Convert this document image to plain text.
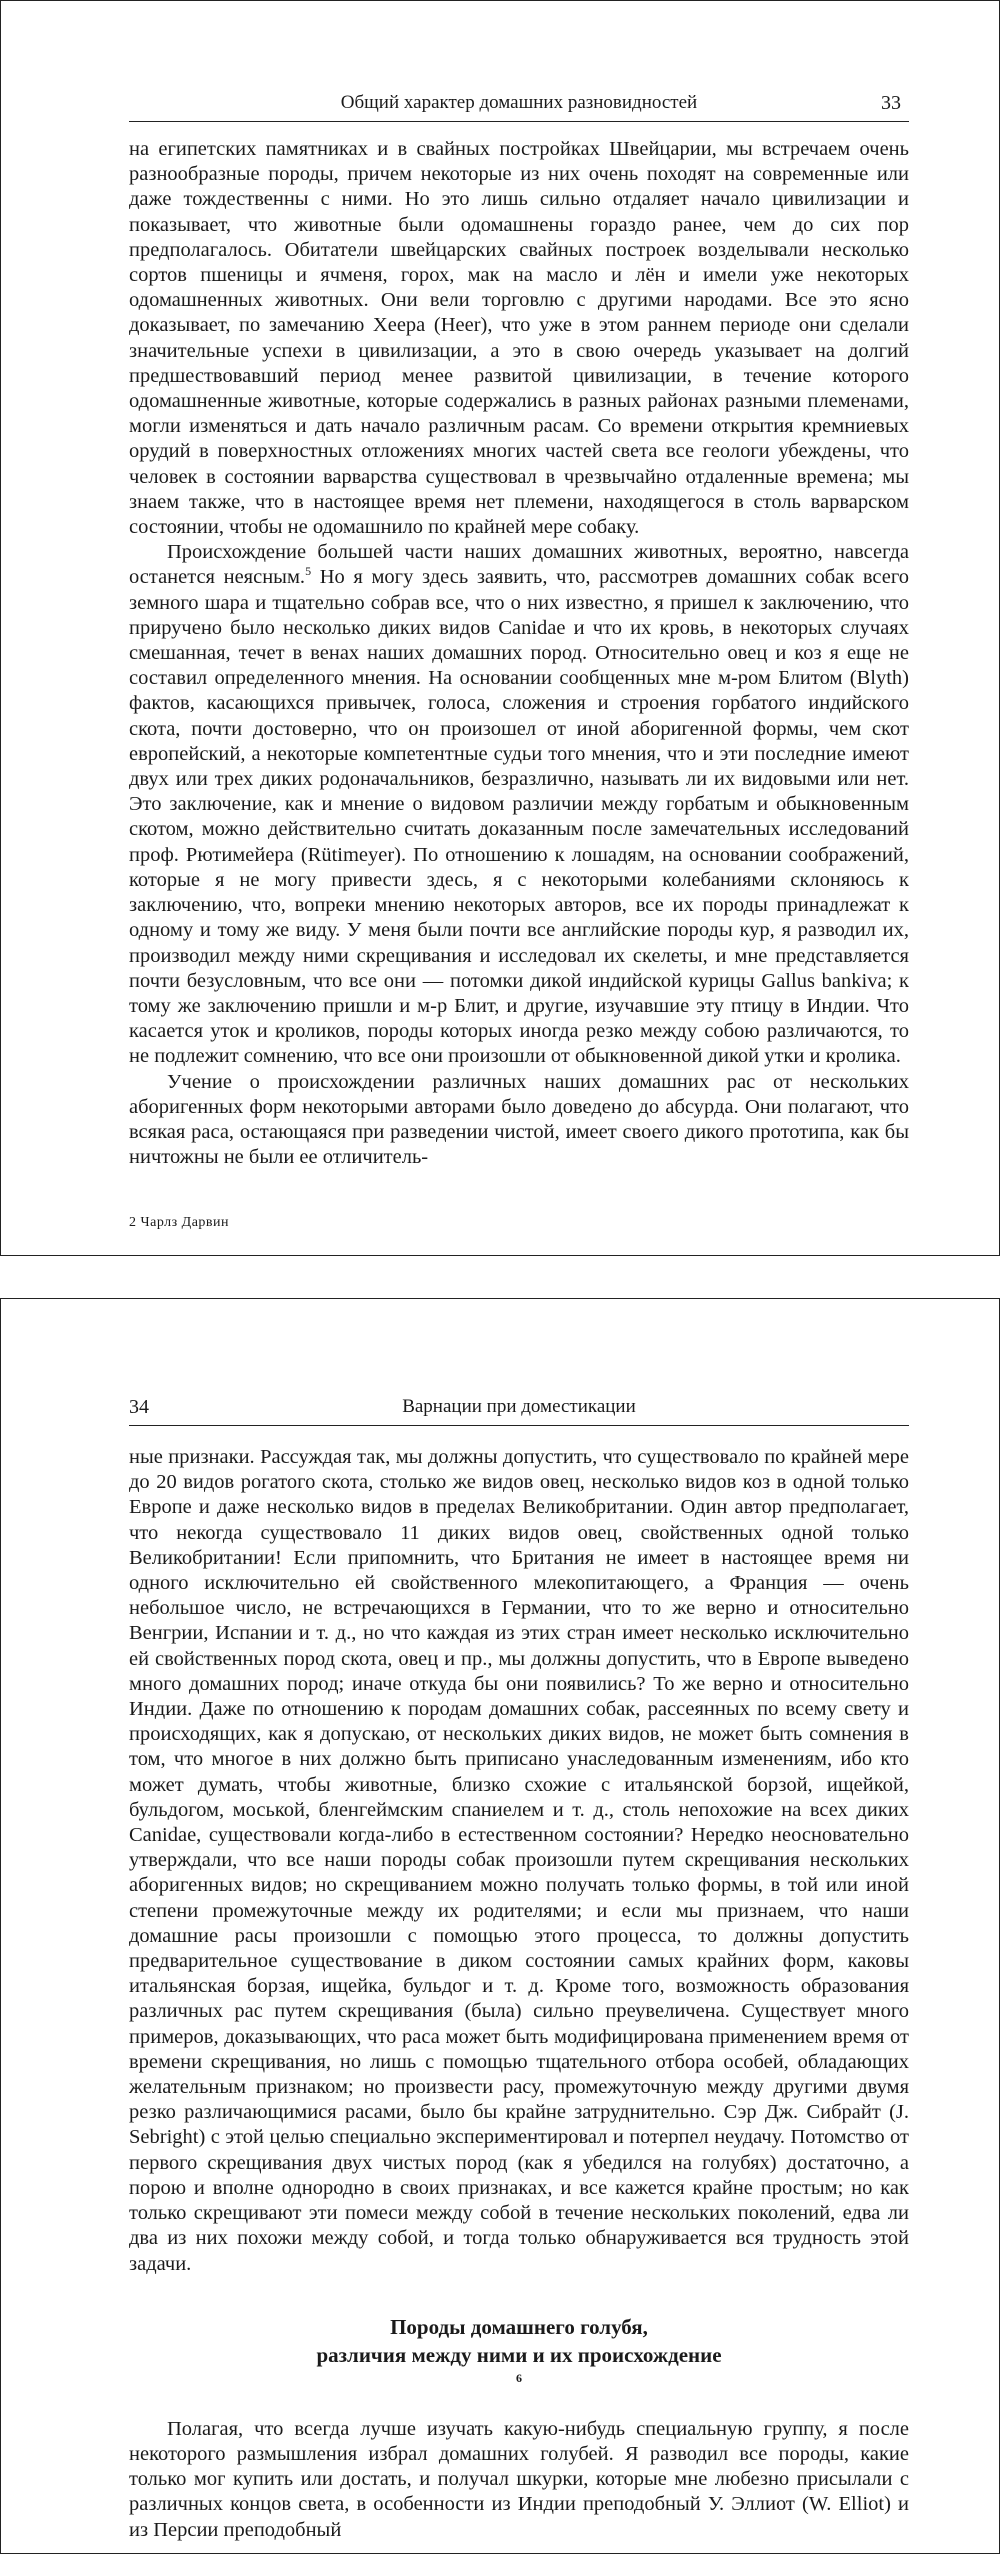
Общий характер домашних разновидностей	33

на египетских памятниках и в свайных постройках Швейцарии, мы встречаем очень разнообразные породы, причем некоторые из них очень походят на современные или даже тождественны с ними. Но это лишь сильно отдаляет начало цивилизации и показывает, что животные были одомашнены гораздо ранее, чем до сих пор предполагалось. Обитатели швейцарских свайных построек возделывали несколько сортов пшеницы и ячменя, горох, мак на масло и лён и имели уже некоторых одомашненных животных. Они вели торговлю с другими народами. Все это ясно доказывает, по замечанию Хеера (Heer), что уже в этом раннем периоде они сделали значительные успехи в цивилизации, а это в свою очередь указывает на долгий предшествовавший период менее развитой цивилизации, в течение которого одомашненные животные, которые содержались в разных районах разными племенами, могли изменяться и дать начало различным расам. Со времени открытия кремниевых орудий в поверхностных отложениях многих частей света все геологи убеждены, что человек в состоянии варварства существовал в чрезвычайно отдаленные времена; мы знаем также, что в настоящее время нет племени, находящегося в столь варварском состоянии, чтобы не одомашнило по крайней мере собаку.

Происхождение большей части наших домашних животных, вероятно, навсегда останется неясным.$^5$ Но я могу здесь заявить, что, рассмотрев домашних собак всего земного шара и тщательно собрав все, что о них известно, я пришел к заключению, что приручено было несколько диких видов Canidae и что их кровь, в некоторых случаях смешанная, течет в венах наших домашних пород. Относительно овец и коз я еще не составил определенного мнения. На основании сообщенных мне м-ром Блитом (Blyth) фактов, касающихся привычек, голоса, сложения и строения горбатого индийского скота, почти достоверно, что он произошел от иной аборигенной формы, чем скот европейский, а некоторые компетентные судьи того мнения, что и эти последние имеют двух или трех диких родоначальников, безразлично, называть ли их видовыми или нет. Это заключение, как и мнение о видовом различии между горбатым и обыкновенным скотом, можно действительно считать доказанным после замечательных исследований проф. Рютимейера (Rütimeyer). По отношению к лошадям, на основании соображений, которые я не могу привести здесь, я с некоторыми колебаниями склоняюсь к заключению, что, вопреки мнению некоторых авторов, все их породы принадлежат к одному и тому же виду. У меня были почти все английские породы кур, я разводил их, производил между ними скрещивания и исследовал их скелеты, и мне представляется почти безусловным, что все они — потомки дикой индийской курицы Gallus bankiva; к тому же заключению пришли и м-р Блит, и другие, изучавшие эту птицу в Индии. Что касается уток и кроликов, породы которых иногда резко между собою различаются, то не подлежит сомнению, что все они произошли от обыкновенной дикой утки и кролика.

Учение о происхождении различных наших домашних рас от нескольких аборигенных форм некоторыми авторами было доведено до абсурда. Они полагают, что всякая раса, остающаяся при разведении чистой, имеет своего дикого прототипа, как бы ничтожны не были ее отличитель-

2 Чарлз Дарвин
34	Варнации при доместикации

ные признаки. Рассуждая так, мы должны допустить, что существовало по крайней мере до 20 видов рогатого скота, столько же видов овец, несколько видов коз в одной только Европе и даже несколько видов в пределах Великобритании. Один автор предполагает, что некогда существовало 11 диких видов овец, свойственных одной только Великобритании! Если припомнить, что Британия не имеет в настоящее время ни одного исключительно ей свойственного млекопитающего, а Франция — очень небольшое число, не встречающихся в Германии, что то же верно и относительно Венгрии, Испании и т. д., но что каждая из этих стран имеет несколько исключительно ей свойственных пород скота, овец и пр., мы должны допустить, что в Европе выведено много домашних пород; иначе откуда бы они появились? То же верно и относительно Индии. Даже по отношению к породам домашних собак, рассеянных по всему свету и происходящих, как я допускаю, от нескольких диких видов, не может быть сомнения в том, что многое в них должно быть приписано унаследованным изменениям, ибо кто может думать, чтобы животные, близко схожие с итальянской борзой, ищейкой, бульдогом, моськой, бленгеймским спаниелем и т. д., столь непохожие на всех диких Canidae, существовали когда-либо в естественном состоянии? Нередко неосновательно утверждали, что все наши породы собак произошли путем скрещивания нескольких аборигенных видов; но скрещиванием можно получать только формы, в той или иной степени промежуточные между их родителями; и если мы признаем, что наши домашние расы произошли с помощью этого процесса, то должны допустить предварительное существование в диком состоянии самых крайних форм, каковы итальянская борзая, ищейка, бульдог и т. д. Кроме того, возможность образования различных рас путем скрещивания (была) сильно преувеличена. Существует много примеров, доказывающих, что раса может быть модифицирована применением время от времени скрещивания, но лишь с помощью тщательного отбора особей, обладающих желательным признаком; но произвести расу, промежуточную между другими двумя резко различающимися расами, было бы крайне затруднительно. Сэр Дж. Сибрайт (J. Sebright) с этой целью специально экспериментировал и потерпел неудачу. Потомство от первого скрещивания двух чистых пород (как я убедился на голубях) достаточно, а порою и вполне однородно в своих признаках, и все кажется крайне простым; но как только скрещивают эти помеси между собой в течение нескольких поколений, едва ли два из них похожи между собой, и тогда только обнаруживается вся трудность этой задачи.

Породы домашнего голубя,
различия между ними и их происхождение
$^6$

Полагая, что всегда лучше изучать какую-нибудь специальную группу, я после некоторого размышления избрал домашних голубей. Я разводил все породы, какие только мог купить или достать, и получал шкурки, которые мне любезно присылали с различных концов света, в особенности из Индии преподобный У. Эллиот (W. Elliot) и из Персии преподобный
